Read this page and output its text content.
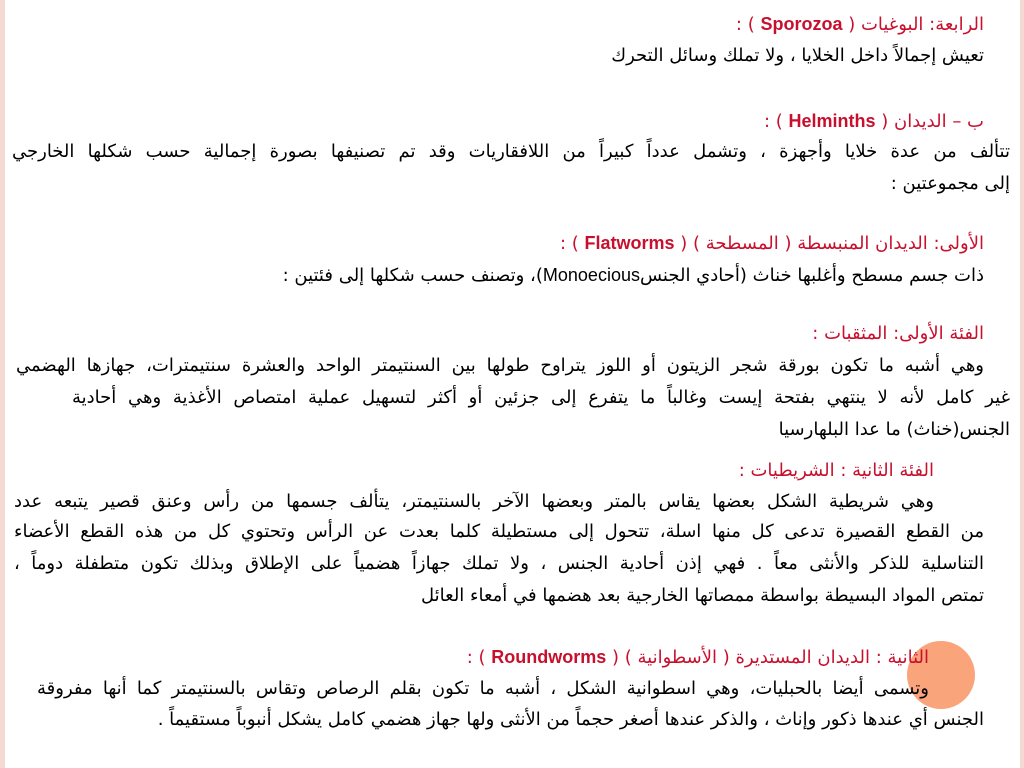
الرابعة: البوغيات ( Sporozoa ) :
تعيش إجمالاً داخل الخلايا ، ولا تملك وسائل التحرك
ب – الديدان ( Helminths ) :
تتألف من عدة خلايا وأجهزة ، وتشمل عدداً كبيراً من اللافقاريات وقد تم تصنيفها بصورة إجمالية حسب شكلها الخارجي
إلى مجموعتين :
الأولى: الديدان المنبسطة ( المسطحة ) ( Flatworms ) :
ذات جسم مسطح وأغلبها خناث (أحادي الجنسMonoecious)، وتصنف حسب شكلها إلى فئتين :
الفئة الأولى: المثقبات :
وهي أشبه ما تكون بورقة شجر الزيتون أو اللوز يتراوح طولها بين السنتيمتر الواحد والعشرة سنتيمترات، جهازها الهضمي
غير كامل لأنه لا ينتهي بفتحة إيست وغالباً ما يتفرع إلى جزئين أو أكثر لتسهيل عملية امتصاص الأغذية وهي أحادية
الجنس(خناث) ما عدا البلهارسيا
الفئة الثانية : الشريطيات :
وهي شريطية الشكل بعضها يقاس بالمتر وبعضها الآخر بالسنتيمتر، يتألف جسمها من رأس وعنق قصير يتبعه عدد
من القطع القصيرة تدعى كل منها اسلة، تتحول إلى مستطيلة كلما بعدت عن الرأس وتحتوي كل من هذه القطع الأعضاء
التناسلية للذكر والأنثى معاً . فهي إذن أحادية الجنس ، ولا تملك جهازاً هضمياً على الإطلاق وبذلك تكون متطفلة دوماً ،
تمتص المواد البسيطة بواسطة ممصاتها الخارجية بعد هضمها في أمعاء العائل
الثانية : الديدان المستديرة ( الأسطوانية ) ( Roundworms ) :
وتسمى أيضا بالحبليات، وهي اسطوانية الشكل ، أشبه ما تكون بقلم الرصاص وتقاس بالسنتيمتر كما أنها مفروقة
الجنس أي عندها ذكور وإناث ، والذكر عندها أصغر حجماً من الأنثى ولها جهاز هضمي كامل يشكل أنبوباً مستقيماً .
